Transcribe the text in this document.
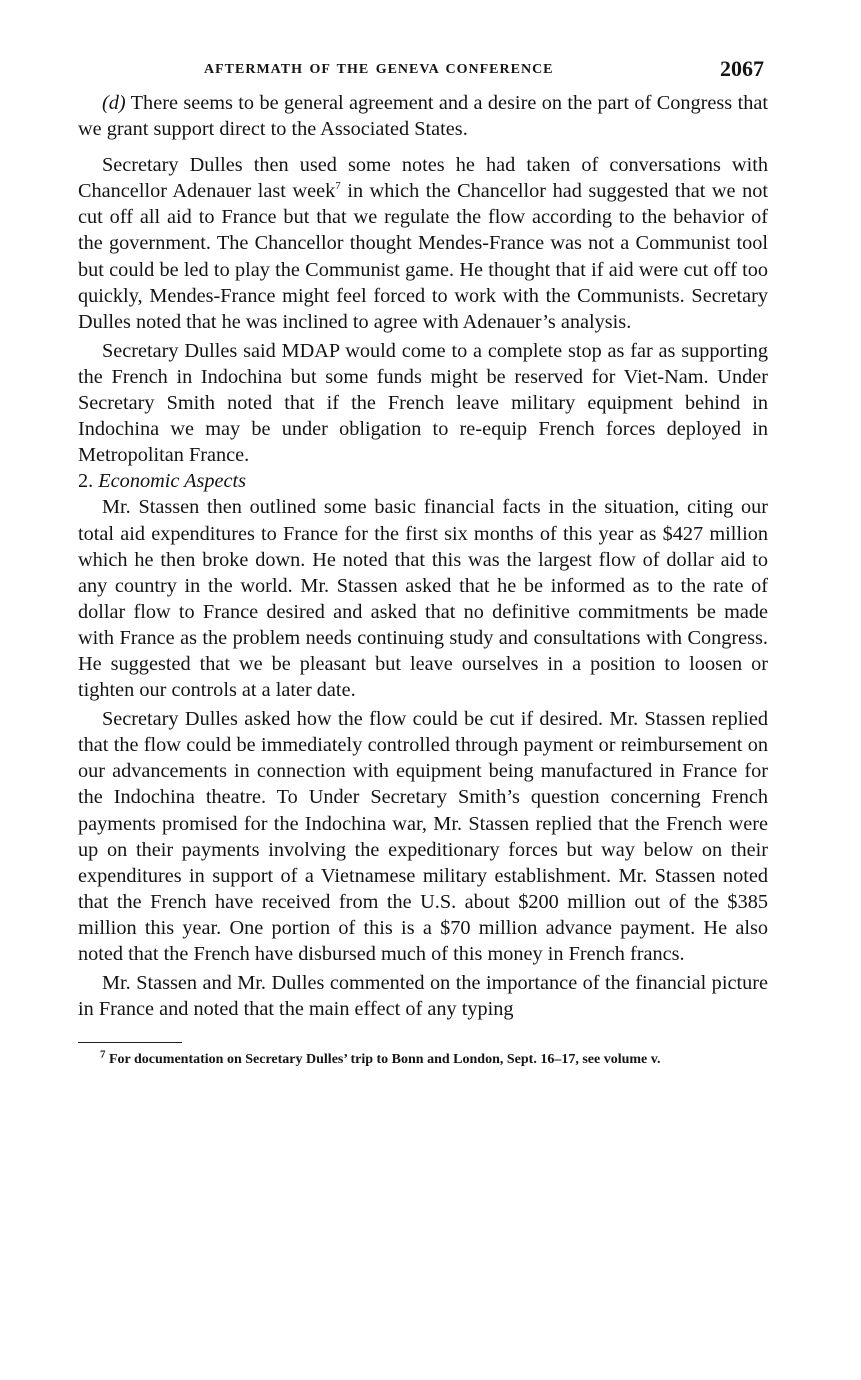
AFTERMATH OF THE GENEVA CONFERENCE	2067

(d) There seems to be general agreement and a desire on the part of Congress that we grant support direct to the Associated States.

Secretary Dulles then used some notes he had taken of conversations with Chancellor Adenauer last week$^7$ in which the Chancellor had suggested that we not cut off all aid to France but that we regulate the flow according to the behavior of the government. The Chancellor thought Mendes-France was not a Communist tool but could be led to play the Communist game. He thought that if aid were cut off too quickly, Mendes-France might feel forced to work with the Communists. Secretary Dulles noted that he was inclined to agree with Adenauer’s analysis.

Secretary Dulles said MDAP would come to a complete stop as far as supporting the French in Indochina but some funds might be reserved for Viet-Nam. Under Secretary Smith noted that if the French leave military equipment behind in Indochina we may be under obligation to re-equip French forces deployed in Metropolitan France.

2. Economic Aspects

Mr. Stassen then outlined some basic financial facts in the situation, citing our total aid expenditures to France for the first six months of this year as $427 million which he then broke down. He noted that this was the largest flow of dollar aid to any country in the world. Mr. Stassen asked that he be informed as to the rate of dollar flow to France desired and asked that no definitive commitments be made with France as the problem needs continuing study and consultations with Congress. He suggested that we be pleasant but leave ourselves in a position to loosen or tighten our controls at a later date.

Secretary Dulles asked how the flow could be cut if desired. Mr. Stassen replied that the flow could be immediately controlled through payment or reimbursement on our advancements in connection with equipment being manufactured in France for the Indochina theatre. To Under Secretary Smith’s question concerning French payments promised for the Indochina war, Mr. Stassen replied that the French were up on their payments involving the expeditionary forces but way below on their expenditures in support of a Vietnamese military establishment. Mr. Stassen noted that the French have received from the U.S. about $200 million out of the $385 million this year. One portion of this is a $70 million advance payment. He also noted that the French have disbursed much of this money in French francs.

Mr. Stassen and Mr. Dulles commented on the importance of the financial picture in France and noted that the main effect of any typing

$^7$ For documentation on Secretary Dulles’ trip to Bonn and London, Sept. 16–17, see volume v.
